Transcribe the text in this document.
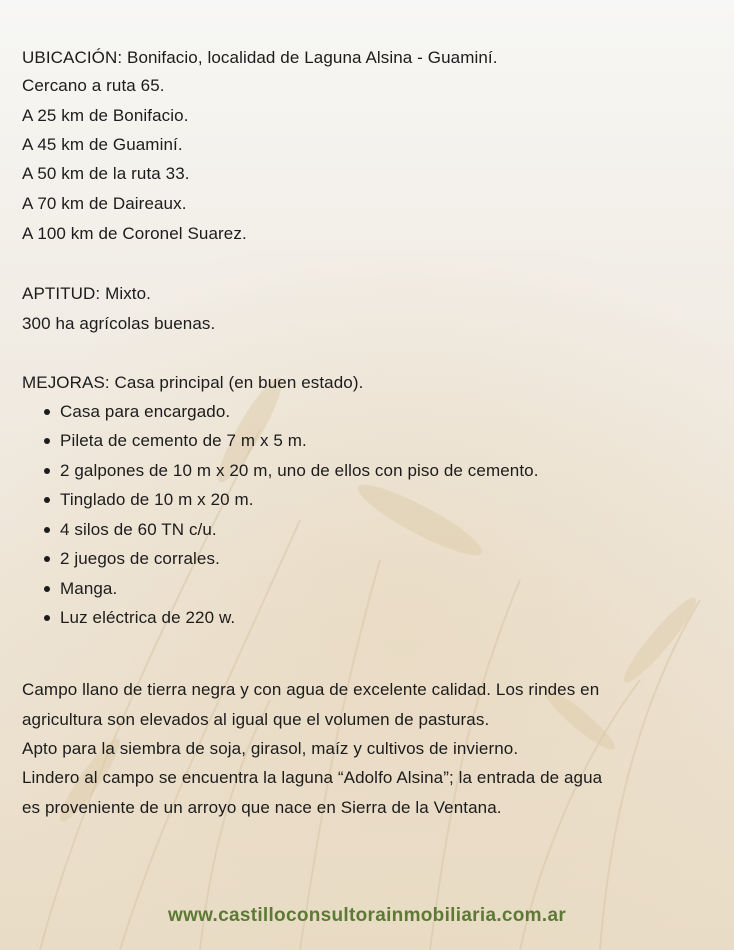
UBICACIÓN: Bonifacio, localidad de Laguna Alsina - Guaminí.
Cercano a ruta 65.
A 25 km de Bonifacio.
A 45 km de Guaminí.
A 50 km de la ruta 33.
A 70 km de Daireaux.
A 100 km de Coronel Suarez.
APTITUD: Mixto.
300 ha agrícolas buenas.
MEJORAS: Casa principal (en buen estado).
Casa para encargado.
Pileta de cemento de 7 m x 5 m.
2 galpones de 10 m x 20 m, uno de ellos con piso de cemento.
Tinglado de 10 m x 20 m.
4 silos de 60 TN c/u.
2 juegos de corrales.
Manga.
Luz eléctrica de 220 w.
Campo llano de tierra negra y con agua de excelente calidad. Los rindes en
agricultura son elevados al igual que el volumen de pasturas.
Apto para la siembra de soja, girasol, maíz y cultivos de invierno.
Lindero al campo se encuentra la laguna “Adolfo Alsina”; la entrada de agua
es proveniente de un arroyo que nace en Sierra de la Ventana.
www.castilloconsultorainmobiliaria.com.ar
